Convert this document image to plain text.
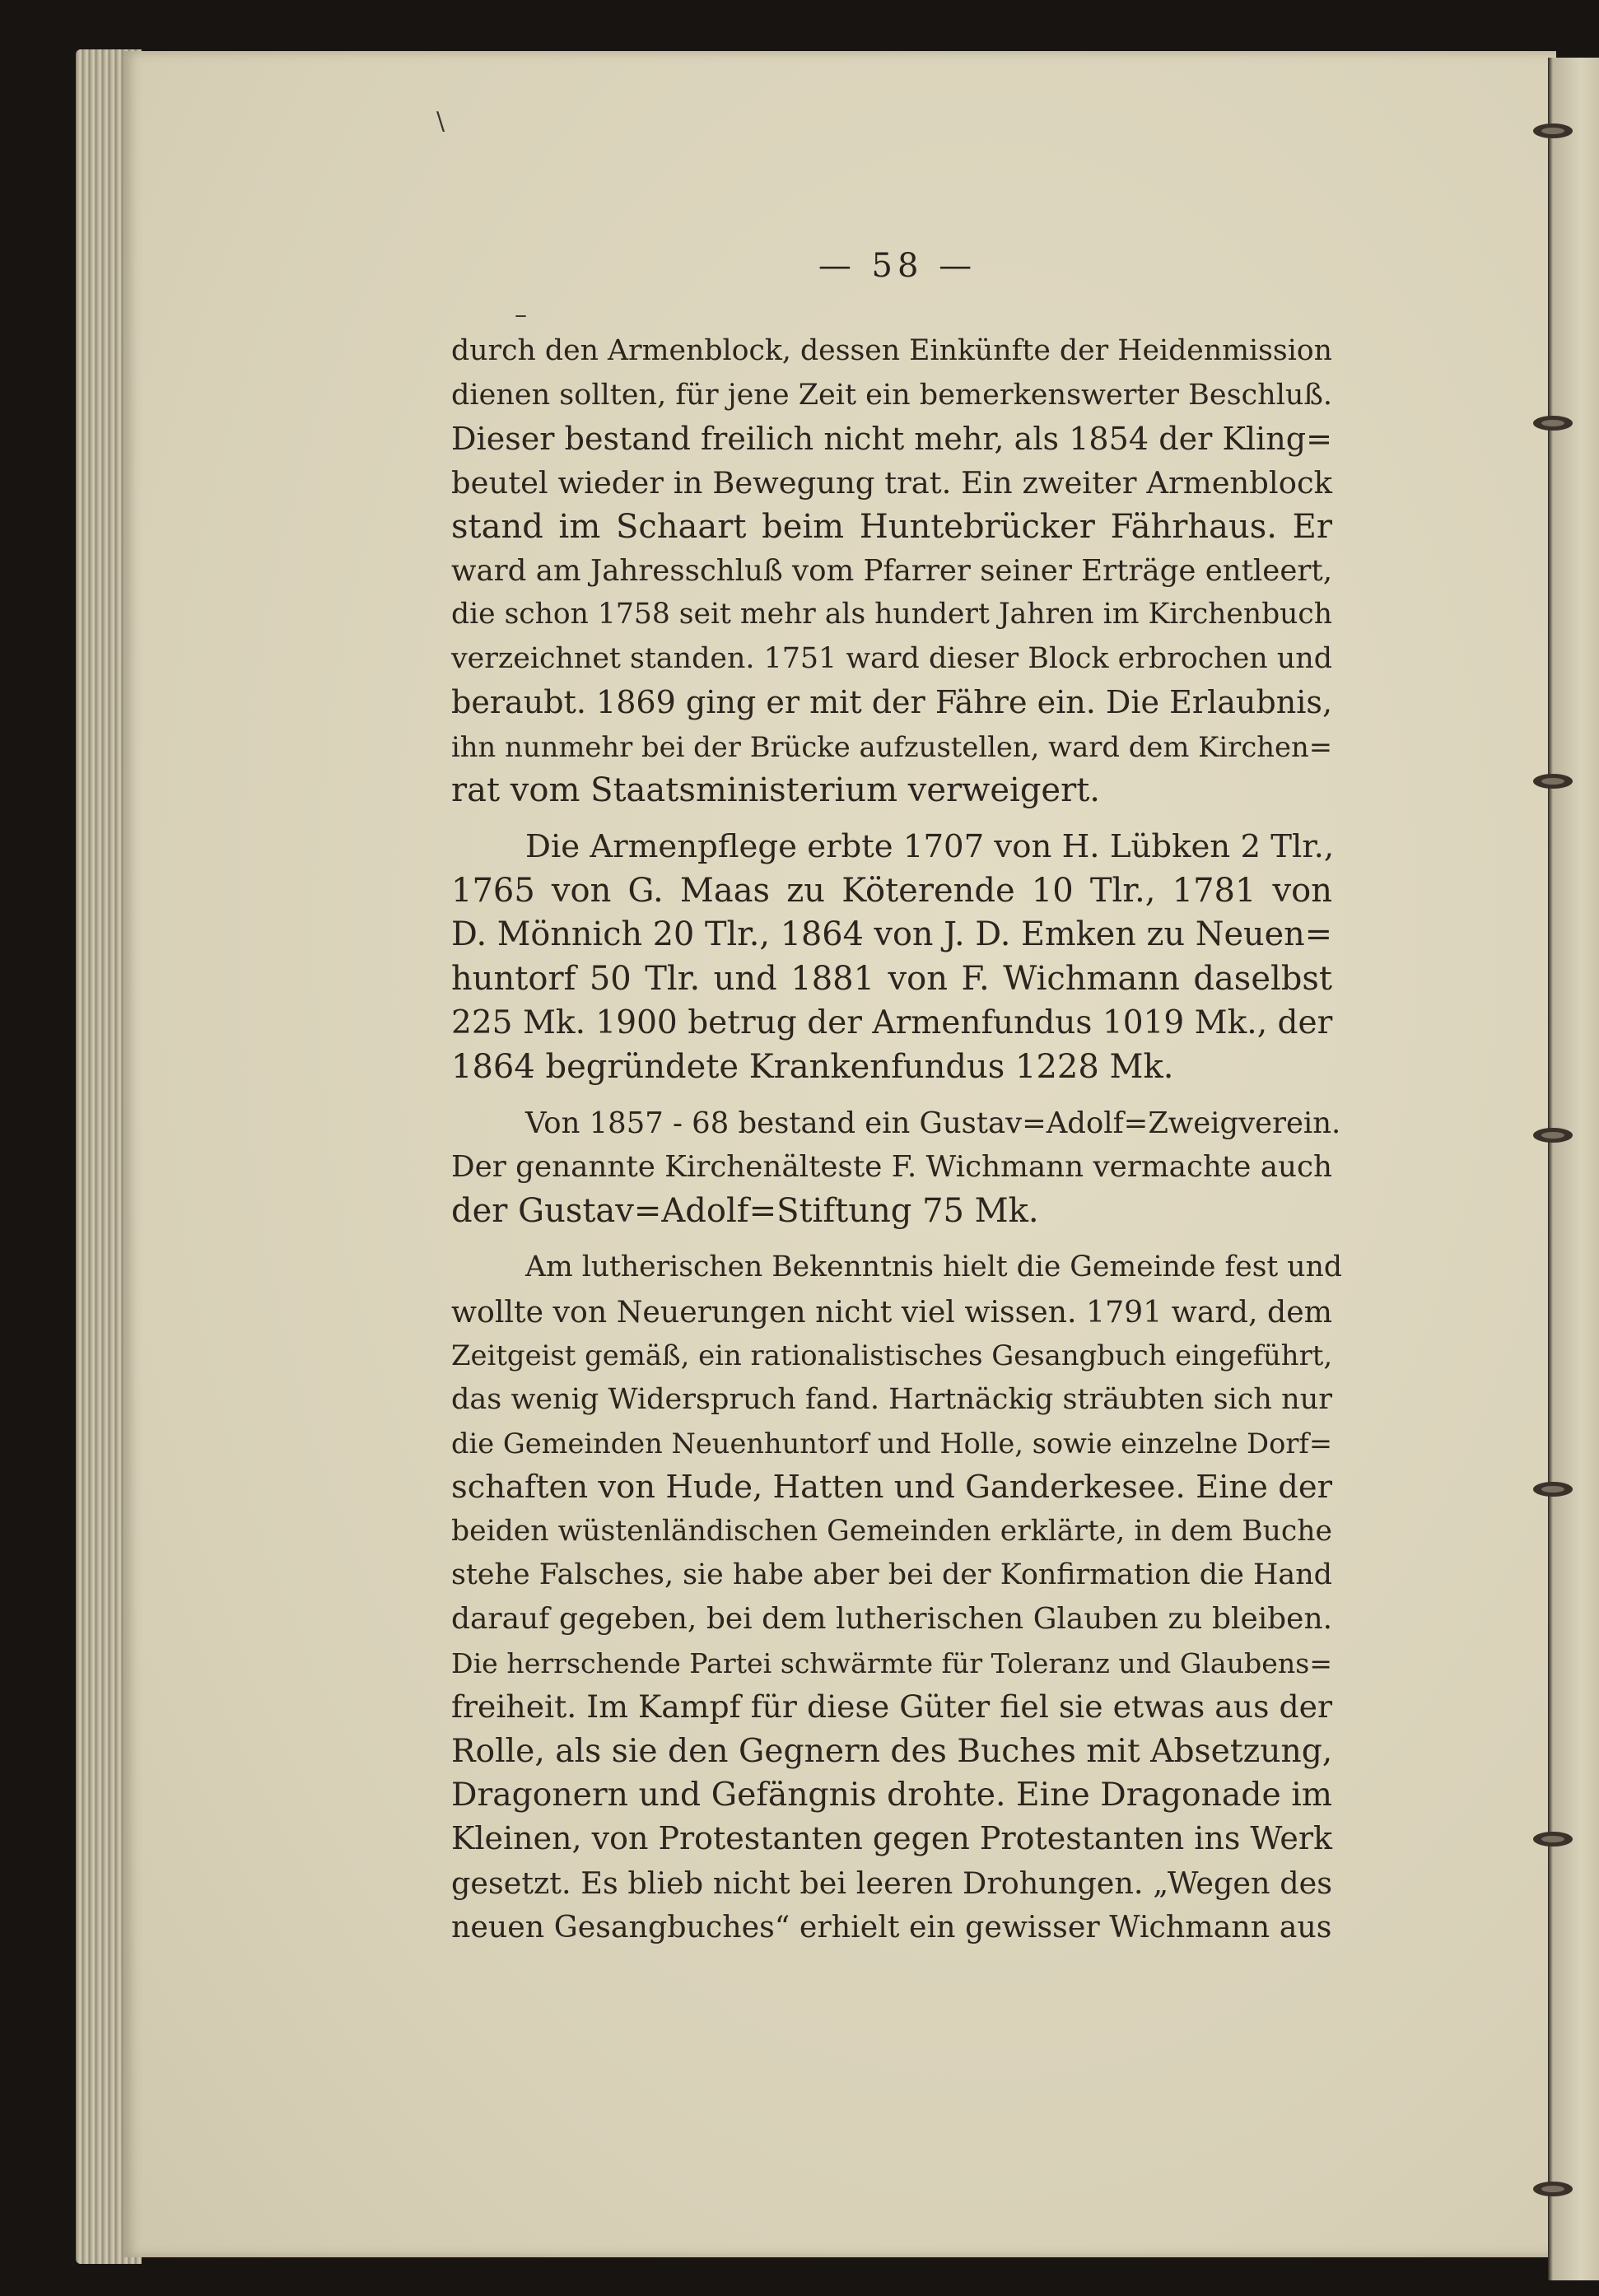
\
–
— 58 —
durch den Armenblock, dessen Einkünfte der Heidenmission
dienen sollten, für jene Zeit ein bemerkenswerter Beschluß.
Dieser bestand freilich nicht mehr, als 1854 der Kling=
beutel wieder in Bewegung trat. Ein zweiter Armenblock
stand im Schaart beim Huntebrücker Fährhaus. Er
ward am Jahresschluß vom Pfarrer seiner Erträge entleert,
die schon 1758 seit mehr als hundert Jahren im Kirchenbuch
verzeichnet standen. 1751 ward dieser Block erbrochen und
beraubt. 1869 ging er mit der Fähre ein. Die Erlaubnis,
ihn nunmehr bei der Brücke aufzustellen, ward dem Kirchen=
rat vom Staatsministerium verweigert.
Die Armenpflege erbte 1707 von H. Lübken 2 Tlr.,
1765 von G. Maas zu Köterende 10 Tlr., 1781 von
D. Mönnich 20 Tlr., 1864 von J. D. Emken zu Neuen=
huntorf 50 Tlr. und 1881 von F. Wichmann daselbst
225 Mk. 1900 betrug der Armenfundus 1019 Mk., der
1864 begründete Krankenfundus 1228 Mk.
Von 1857 - 68 bestand ein Gustav=Adolf=Zweigverein.
Der genannte Kirchenälteste F. Wichmann vermachte auch
der Gustav=Adolf=Stiftung 75 Mk.
Am lutherischen Bekenntnis hielt die Gemeinde fest und
wollte von Neuerungen nicht viel wissen. 1791 ward, dem
Zeitgeist gemäß, ein rationalistisches Gesangbuch eingeführt,
das wenig Widerspruch fand. Hartnäckig sträubten sich nur
die Gemeinden Neuenhuntorf und Holle, sowie einzelne Dorf=
schaften von Hude, Hatten und Ganderkesee. Eine der
beiden wüstenländischen Gemeinden erklärte, in dem Buche
stehe Falsches, sie habe aber bei der Konfirmation die Hand
darauf gegeben, bei dem lutherischen Glauben zu bleiben.
Die herrschende Partei schwärmte für Toleranz und Glaubens=
freiheit. Im Kampf für diese Güter fiel sie etwas aus der
Rolle, als sie den Gegnern des Buches mit Absetzung,
Dragonern und Gefängnis drohte. Eine Dragonade im
Kleinen, von Protestanten gegen Protestanten ins Werk
gesetzt. Es blieb nicht bei leeren Drohungen. „Wegen des
neuen Gesangbuches“ erhielt ein gewisser Wichmann aus
